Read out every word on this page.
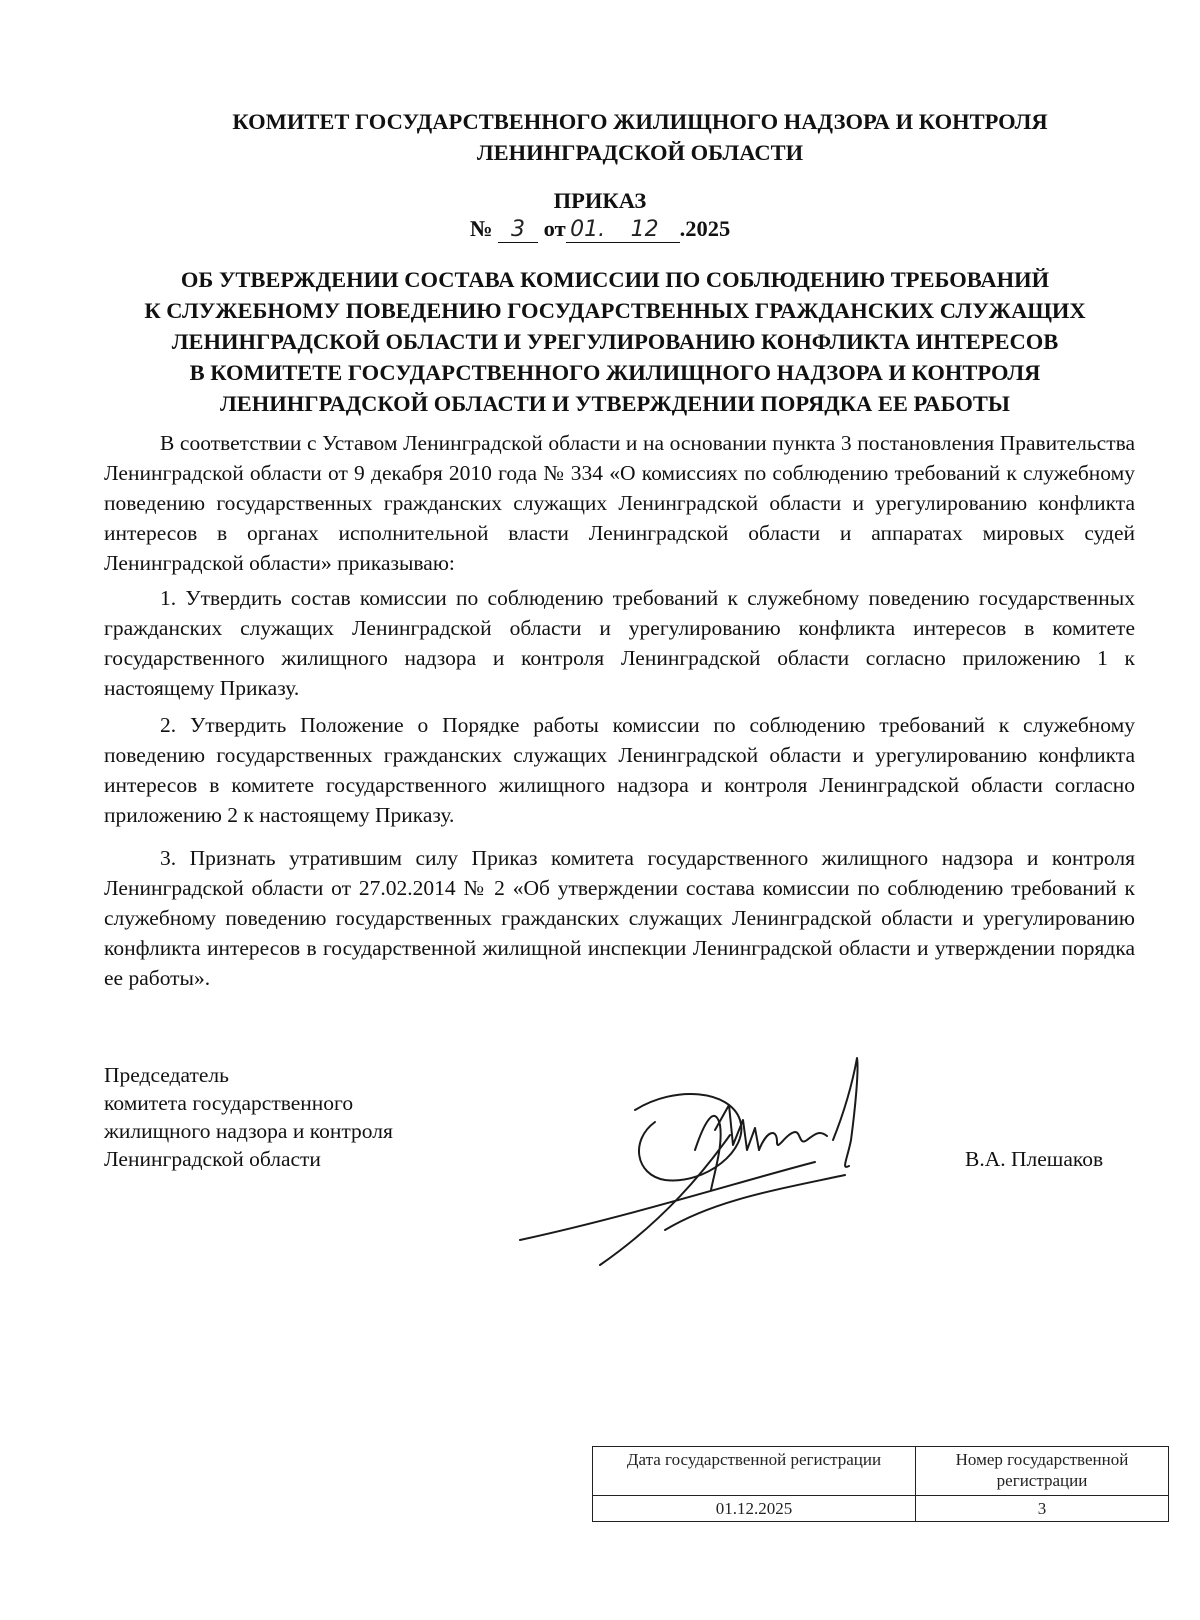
КОМИТЕТ ГОСУДАРСТВЕННОГО ЖИЛИЩНОГО НАДЗОРА И КОНТРОЛЯ
ЛЕНИНГРАДСКОЙ ОБЛАСТИ
ПРИКАЗ
№ 3 от 01. 12 .2025
ОБ УТВЕРЖДЕНИИ СОСТАВА КОМИССИИ ПО СОБЛЮДЕНИЮ ТРЕБОВАНИЙ
К СЛУЖЕБНОМУ ПОВЕДЕНИЮ ГОСУДАРСТВЕННЫХ ГРАЖДАНСКИХ СЛУЖАЩИХ
ЛЕНИНГРАДСКОЙ ОБЛАСТИ И УРЕГУЛИРОВАНИЮ КОНФЛИКТА ИНТЕРЕСОВ
В КОМИТЕТЕ ГОСУДАРСТВЕННОГО ЖИЛИЩНОГО НАДЗОРА И КОНТРОЛЯ
ЛЕНИНГРАДСКОЙ ОБЛАСТИ И УТВЕРЖДЕНИИ ПОРЯДКА ЕЕ РАБОТЫ

В соответствии с Уставом Ленинградской области и на основании пункта 3 постановления Правительства Ленинградской области от 9 декабря 2010 года № 334 «О комиссиях по соблюдению требований к служебному поведению государственных гражданских служащих Ленинградской области и урегулированию конфликта интересов в органах исполнительной власти Ленинградской области и аппаратах мировых судей Ленинградской области» приказываю:

1. Утвердить состав комиссии по соблюдению требований к служебному поведению государственных гражданских служащих Ленинградской области и урегулированию конфликта интересов в комитете государственного жилищного надзора и контроля Ленинградской области согласно приложению 1 к настоящему Приказу.

2. Утвердить Положение о Порядке работы комиссии по соблюдению требований к служебному поведению государственных гражданских служащих Ленинградской области и урегулированию конфликта интересов в комитете государственного жилищного надзора и контроля Ленинградской области согласно приложению 2 к настоящему Приказу.

3. Признать утратившим силу Приказ комитета государственного жилищного надзора и контроля Ленинградской области от 27.02.2014 № 2 «Об утверждении состава комиссии по соблюдению требований к служебному поведению государственных гражданских служащих Ленинградской области и урегулированию конфликта интересов в государственной жилищной инспекции Ленинградской области и утверждении порядка ее работы».

Председатель
комитета государственного
жилищного надзора и контроля
Ленинградской области	В.А. Плешаков
Дата государственной регистрации	Номер государственной регистрации
01.12.2025	3
